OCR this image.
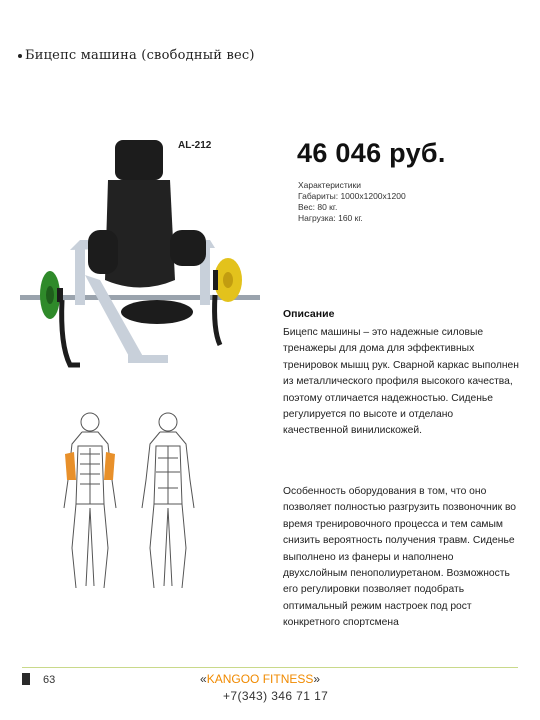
Бицепс машина (свободный вес)
AL-212	46 046 руб.
Характеристики
Габариты: 1000x1200x1200
Вес: 80 кг.
Нагрузка: 160 кг.
Описание
Бицепс машины – это надежные силовые тренажеры для дома для эффективных тренировок мышц рук. Сварной каркас выполнен из металлического профиля высокого качества, поэтому отличается надежностью. Сиденье регулируется по высоте и отделано качественной винилискожей.
Особенность оборудования в том, что оно позволяет полностью разгрузить позвоночник во время тренировочного процесса и тем самым снизить вероятность получения травм. Сиденье выполнено из фанеры и наполнено двухслойным пенополиуретаном. Возможность его регулировки позволяет подобрать оптимальный режим настроек под рост конкретного спортсмена
63	«KANGOO FITNESS»
+7(343) 346 71 17
